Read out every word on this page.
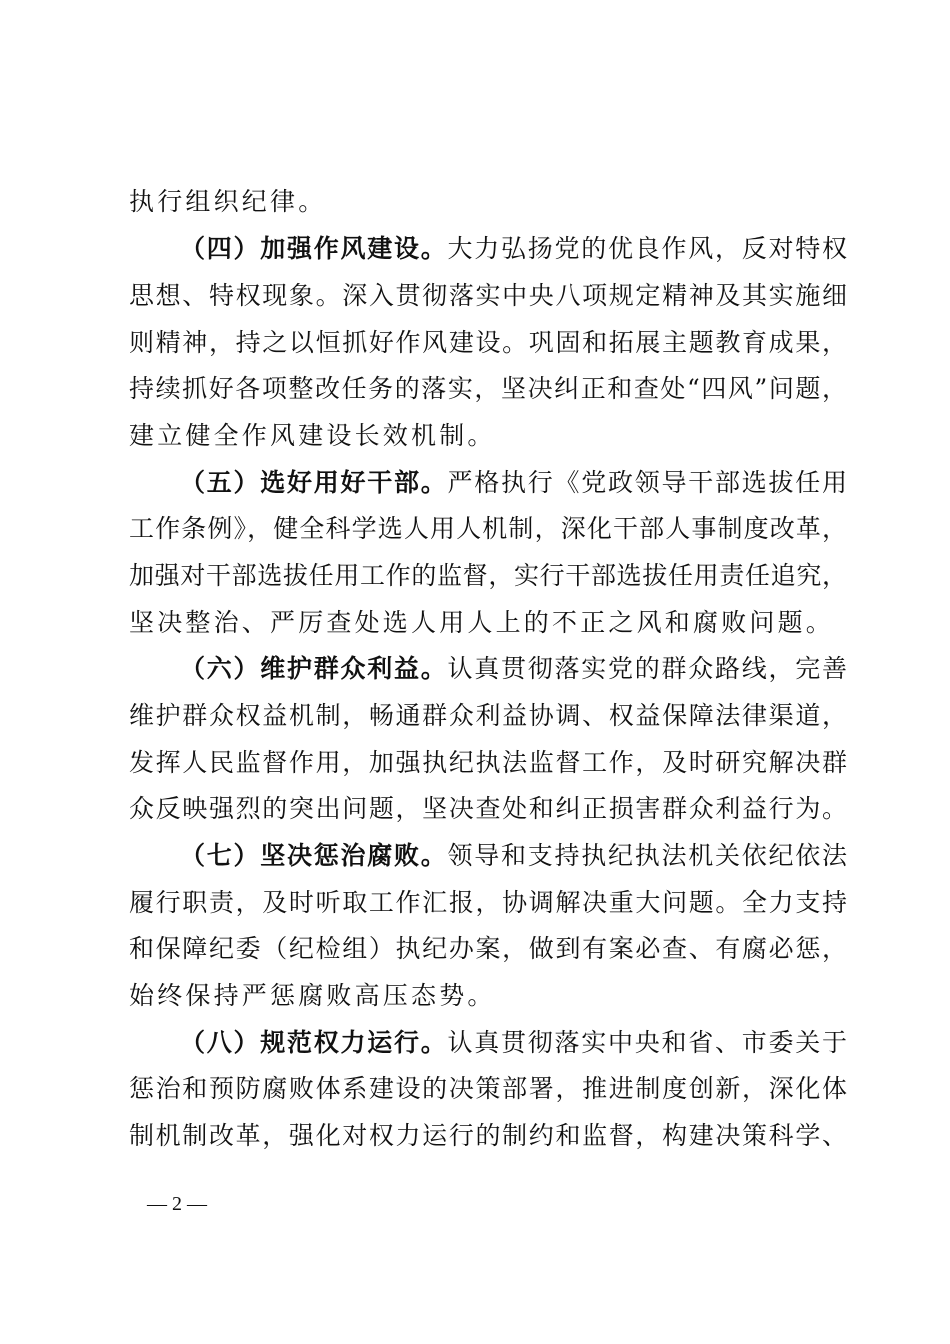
执行组织纪律。
（四）加强作风建设。大力弘扬党的优良作风，反对特权
思想、特权现象。深入贯彻落实中央八项规定精神及其实施细
则精神，持之以恒抓好作风建设。巩固和拓展主题教育成果，
持续抓好各项整改任务的落实，坚决纠正和查处“四风”问题，
建立健全作风建设长效机制。
（五）选好用好干部。严格执行《党政领导干部选拔任用
工作条例》，健全科学选人用人机制，深化干部人事制度改革，
加强对干部选拔任用工作的监督，实行干部选拔任用责任追究，
坚决整治、严厉查处选人用人上的不正之风和腐败问题。
（六）维护群众利益。认真贯彻落实党的群众路线，完善
维护群众权益机制，畅通群众利益协调、权益保障法律渠道，
发挥人民监督作用，加强执纪执法监督工作，及时研究解决群
众反映强烈的突出问题，坚决查处和纠正损害群众利益行为。
（七）坚决惩治腐败。领导和支持执纪执法机关依纪依法
履行职责，及时听取工作汇报，协调解决重大问题。全力支持
和保障纪委（纪检组）执纪办案，做到有案必查、有腐必惩，
始终保持严惩腐败高压态势。
（八）规范权力运行。认真贯彻落实中央和省、市委关于
惩治和预防腐败体系建设的决策部署，推进制度创新，深化体
制机制改革，强化对权力运行的制约和监督，构建决策科学、
— 2 —
